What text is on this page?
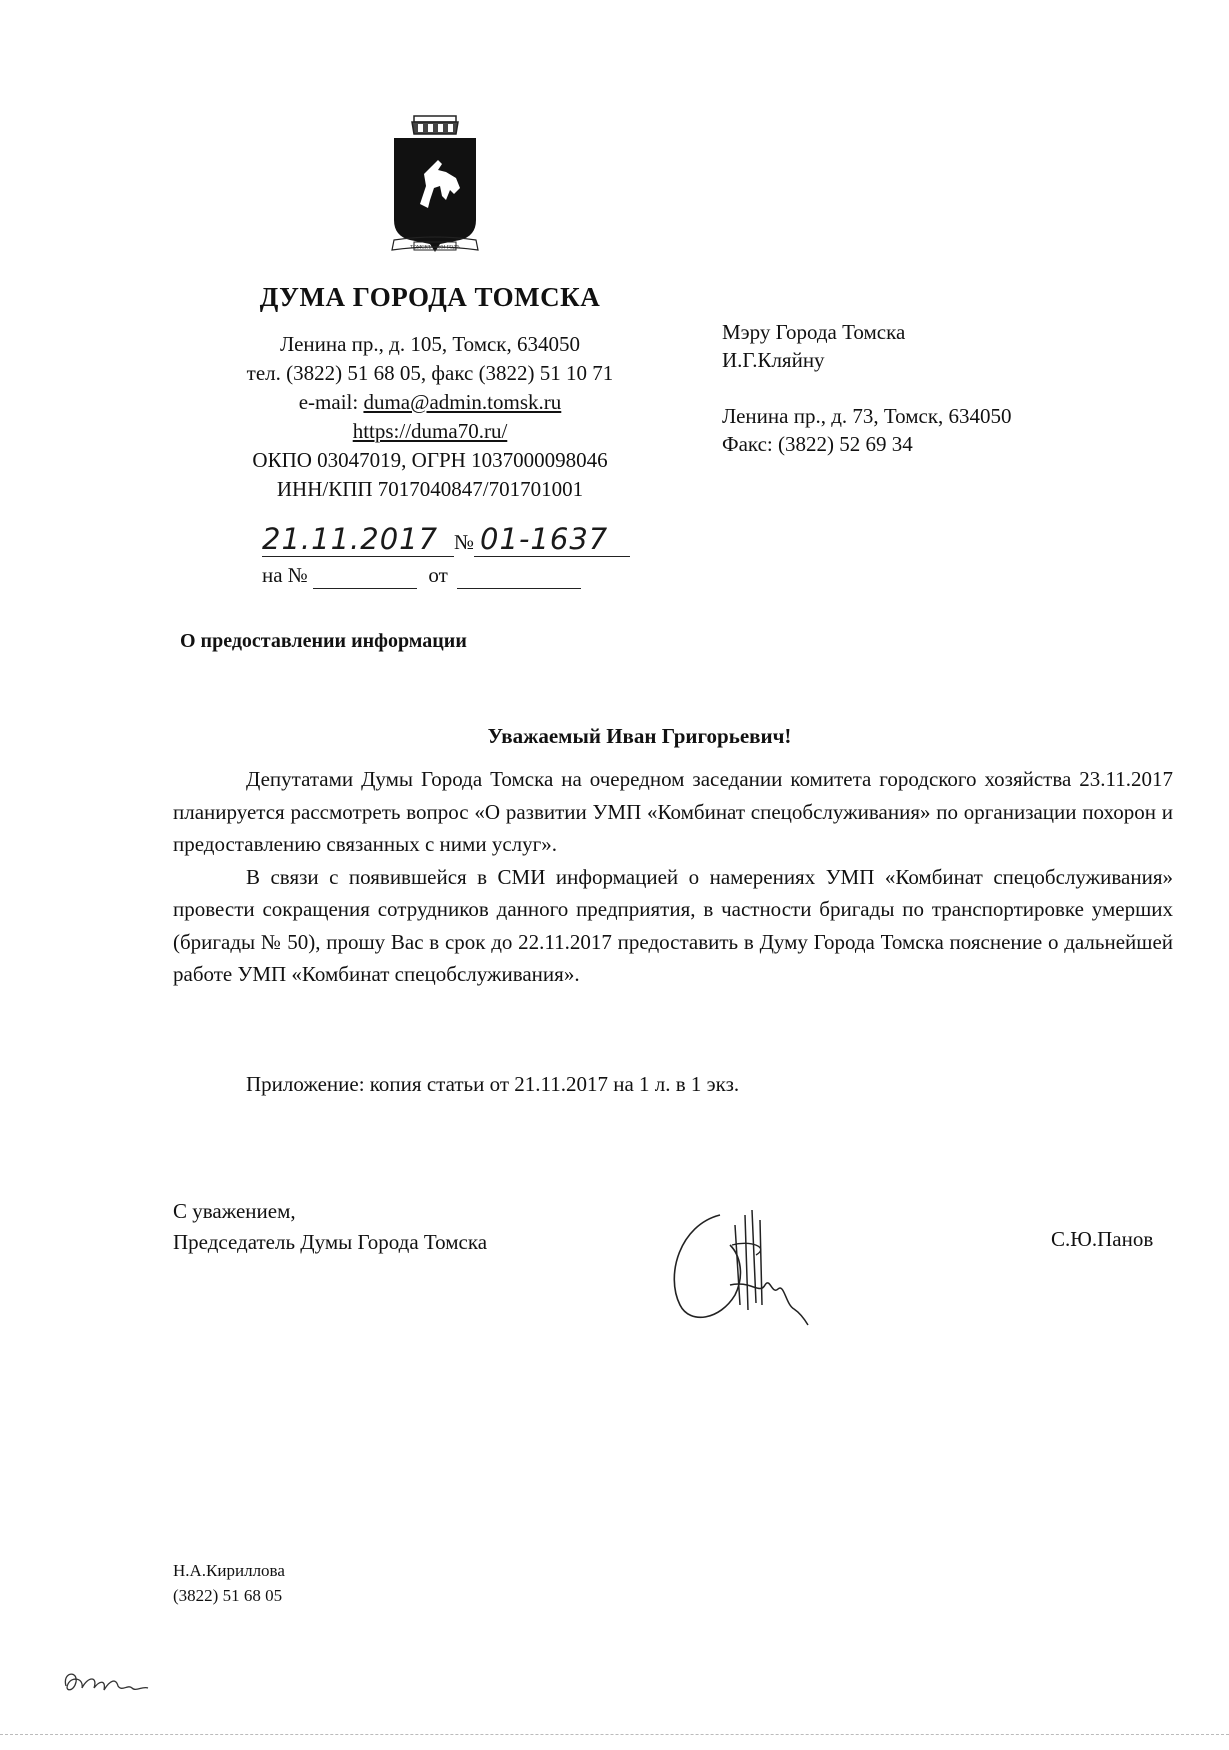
ТОМСКЪ · 1604 ГОДЪ
ДУМА ГОРОДА ТОМСКА
Ленина пр., д. 105, Томск, 634050
тел. (3822) 51 68 05, факс (3822) 51 10 71
e-mail: duma@admin.tomsk.ru
https://duma70.ru/
ОКПО 03047019, ОГРН 1037000098046
ИНН/КПП 7017040847/701701001
Мэру Города Томска
И.Г.Кляйну
Ленина пр., д. 73, Томск, 634050
Факс: (3822) 52 69 34
21.11.2017 № 01-1637
на №	от
О предоставлении информации
Уважаемый Иван Григорьевич!

Депутатами Думы Города Томска на очередном заседании комитета городского хозяйства 23.11.2017 планируется рассмотреть вопрос «О развитии УМП «Комбинат спецобслуживания» по организации похорон и предоставлению связанных с ними услуг».

В связи с появившейся в СМИ информацией о намерениях УМП «Комбинат спецобслуживания» провести сокращения сотрудников данного предприятия, в частности бригады по транспортировке умерших (бригады № 50), прошу Вас в срок до 22.11.2017 предоставить в Думу Города Томска пояснение о дальнейшей работе УМП «Комбинат спецобслуживания».

Приложение: копия статьи от 21.11.2017 на 1 л. в 1 экз.
С уважением,
Председатель Думы Города Томска	С.Ю.Панов
Н.А.Кириллова
(3822) 51 68 05
